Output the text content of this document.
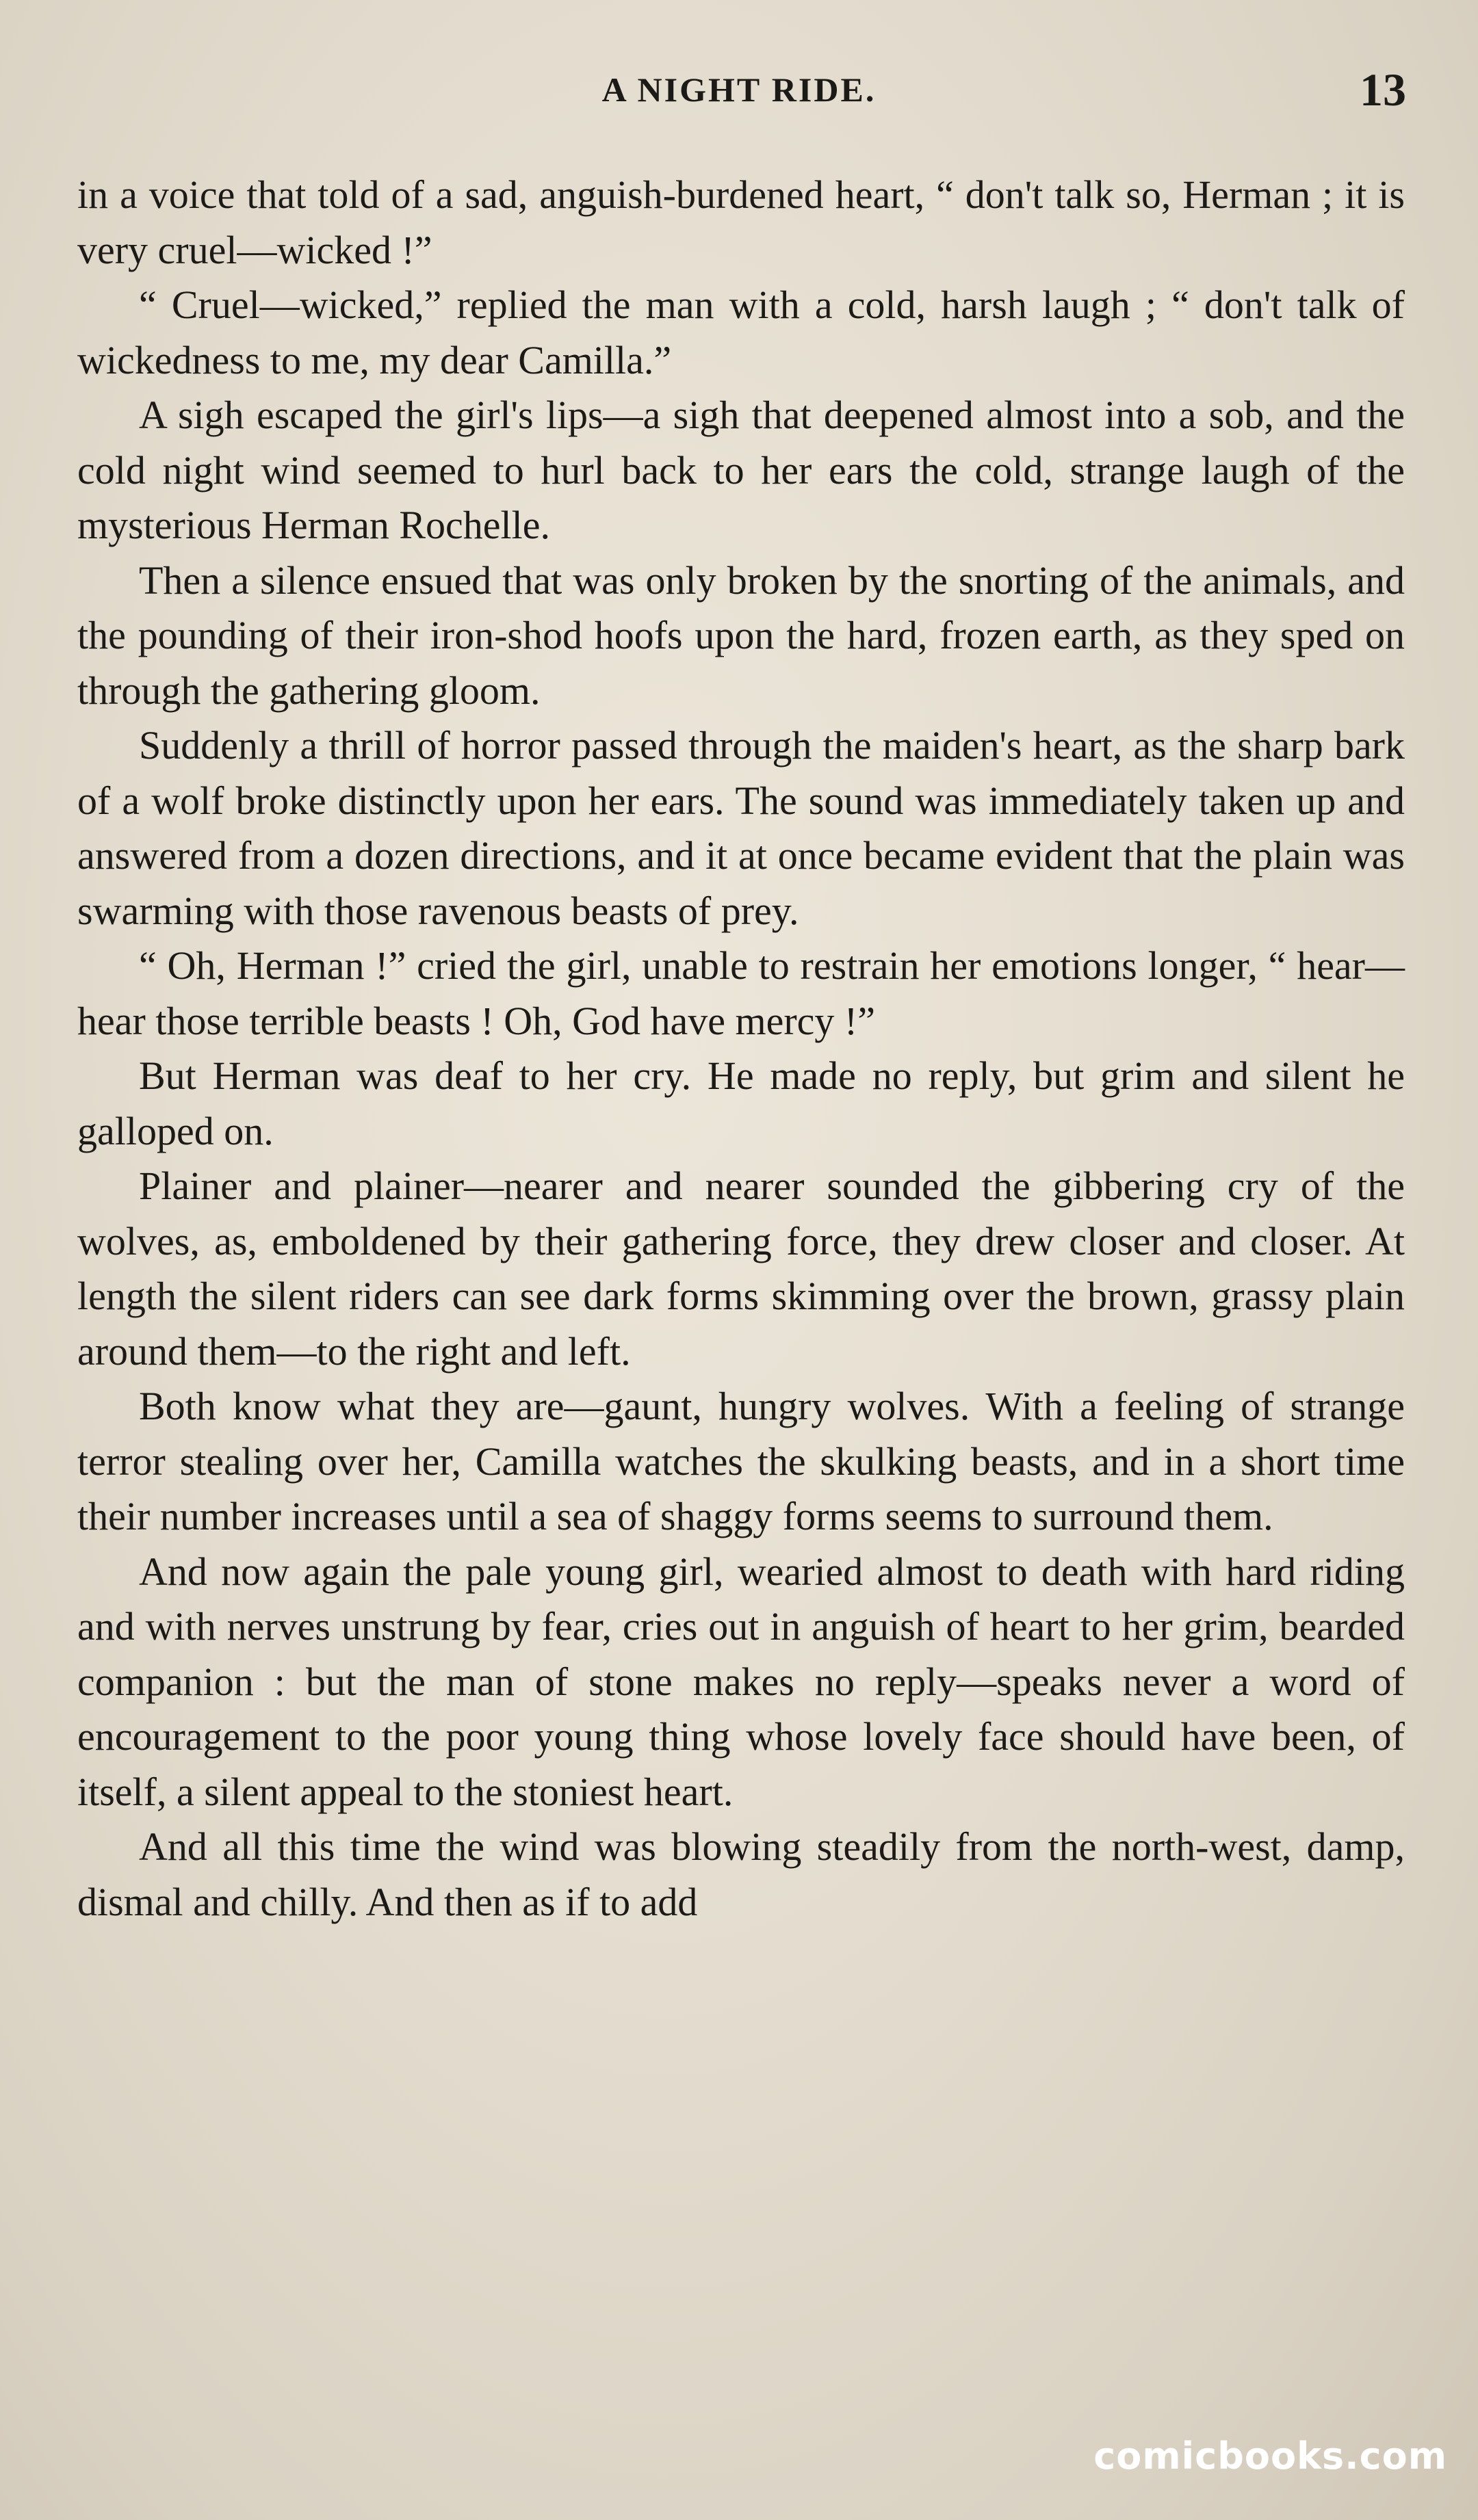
A NIGHT RIDE.	13

in a voice that told of a sad, anguish-burdened heart, “ don't talk so, Herman ; it is very cruel—wicked !”

“ Cruel—wicked,” replied the man with a cold, harsh laugh ; “ don't talk of wickedness to me, my dear Camilla.”

A sigh escaped the girl's lips—a sigh that deepened almost into a sob, and the cold night wind seemed to hurl back to her ears the cold, strange laugh of the mysterious Herman Rochelle.

Then a silence ensued that was only broken by the snorting of the animals, and the pounding of their iron-shod hoofs upon the hard, frozen earth, as they sped on through the gathering gloom.

Suddenly a thrill of horror passed through the maiden's heart, as the sharp bark of a wolf broke distinctly upon her ears. The sound was immediately taken up and answered from a dozen directions, and it at once became evident that the plain was swarming with those ravenous beasts of prey.

“ Oh, Herman !” cried the girl, unable to restrain her emotions longer, “ hear—hear those terrible beasts ! Oh, God have mercy !”

But Herman was deaf to her cry. He made no reply, but grim and silent he galloped on.

Plainer and plainer—nearer and nearer sounded the gibbering cry of the wolves, as, emboldened by their gathering force, they drew closer and closer. At length the silent riders can see dark forms skimming over the brown, grassy plain around them—to the right and left.

Both know what they are—gaunt, hungry wolves. With a feeling of strange terror stealing over her, Camilla watches the skulking beasts, and in a short time their number increases until a sea of shaggy forms seems to surround them.

And now again the pale young girl, wearied almost to death with hard riding and with nerves unstrung by fear, cries out in anguish of heart to her grim, bearded companion : but the man of stone makes no reply—speaks never a word of encouragement to the poor young thing whose lovely face should have been, of itself, a silent appeal to the stoniest heart.

And all this time the wind was blowing steadily from the north-west, damp, dismal and chilly. And then as if to add

comicbooks.com
